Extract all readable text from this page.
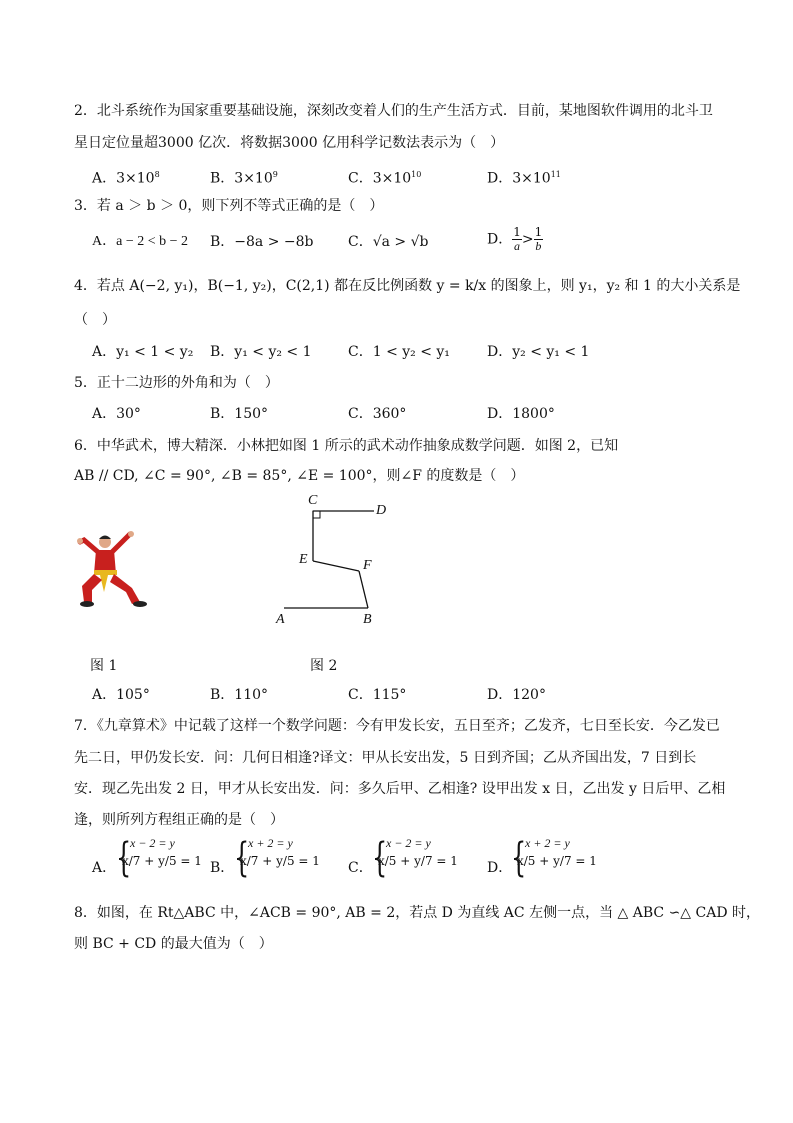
2．北斗系统作为国家重要基础设施，深刻改变着人们的生产生活方式．目前，某地图软件调用的北斗卫
星日定位量超3000 亿次．将数据3000 亿用科学记数法表示为（　）
A．$3\times 10^8$	B．$3\times 10^9$	C．$3\times 10^{10}$	D．$3\times 10^{11}$
3．若 a ＞ b ＞ 0，则下列不等式正确的是（　）
A．a − 2 < b − 2 B．−8a > −8b C．√a > √b	D． $\frac{1}{a} > \frac{1}{b}$
4．若点 A(−2, y₁)，B(−1, y₂)，C(2,1) 都在反比例函数 y = k/x 的图象上，则 y₁，y₂ 和 1 的大小关系是
（　）
A．y₁ < 1 < y₂ B．y₁ < y₂ < 1	C．1 < y₂ < y₁	D．y₂ < y₁ < 1
5．正十二边形的外角和为（　）
A．30°	B．150°	C．360°	D．1800°
6．中华武术，博大精深．小林把如图 1 所示的武术动作抽象成数学问题．如图 2，已知
AB // CD, ∠C = 90°, ∠B = 85°, ∠E = 100°，则∠F 的度数是（　）
C
D
E	F
A	B
图 1	图 2
A．105°	B．110°	C．115°	D．120°
7．《九章算术》中记载了这样一个数学问题：今有甲发长安，五日至齐；乙发齐，七日至长安．今乙发已
先二日，甲仍发长安．问：几何日相逢?译文：甲从长安出发，5 日到齐国；乙从齐国出发，7 日到长
安．现乙先出发 2 日，甲才从长安出发．问：多久后甲、乙相逢? 设甲出发 x 日，乙出发 y 日后甲、乙相
逢，则所列方程组正确的是（　）
A． {
x − 2 = y
x/7 + y/5 = 1 B． {
x + 2 = y
x/7 + y/5 = 1 C． {
x − 2 = y
x/5 + y/7 = 1 D．
{
x + 2 = y
x/5 + y/7 = 1
8．如图，在 Rt△ABC 中，∠ACB = 90°, AB = 2，若点 D 为直线 AC 左侧一点，当 △ ABC ∽△ CAD 时，
则 BC + CD 的最大值为（　）
